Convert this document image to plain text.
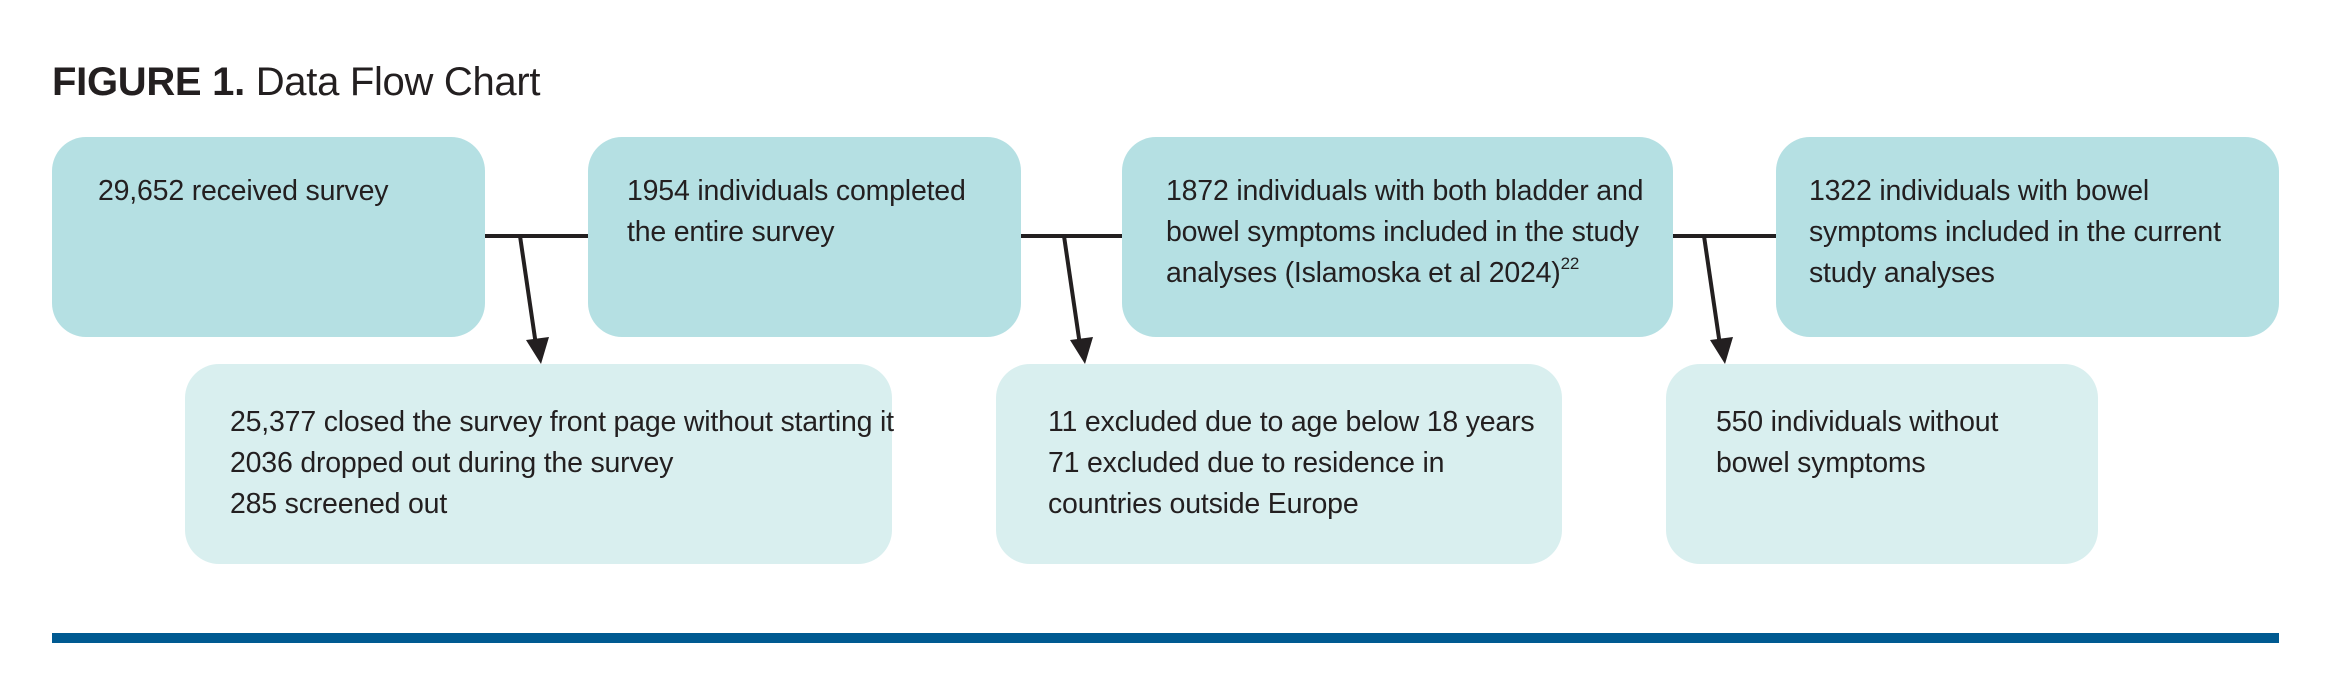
FIGURE 1. Data Flow Chart
29,652 received survey	1954 individuals completed
the entire survey
1872 individuals with both bladder and
bowel symptoms included in the study
analyses (Islamoska et al 2024)$^{22}$
1322 individuals with bowel
symptoms included in the current
study analyses
25,377 closed the survey front page without starting it
2036 dropped out during the survey
285 screened out
11 excluded due to age below 18 years
71 excluded due to residence in
countries outside Europe
550 individuals without
bowel symptoms
